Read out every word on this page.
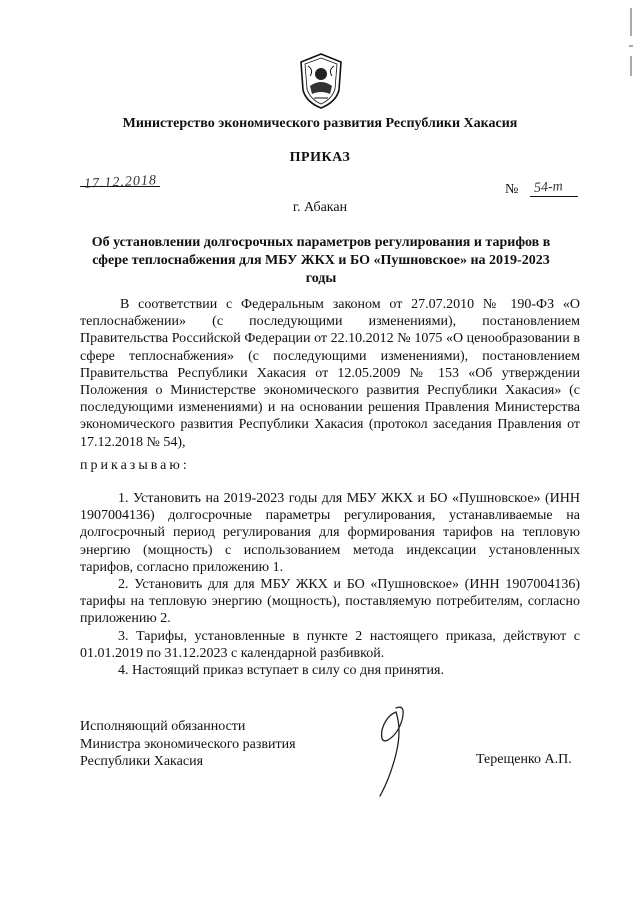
Министерство экономического развития Республики Хакасия
ПРИКАЗ
17.12.2018	№ 54-т
г. Абакан
Об установлении долгосрочных параметров регулирования и тарифов в сфере теплоснабжения для МБУ ЖКХ и БО «Пушновское» на 2019-2023 годы

В соответствии с Федеральным законом от 27.07.2010 № 190-ФЗ «О теплоснабжении» (с последующими изменениями), постановлением Правительства Российской Федерации от 22.10.2012 № 1075 «О ценообразовании в сфере теплоснабжения» (с последующими изменениями), постановлением Правительства Республики Хакасия от 12.05.2009 № 153 «Об утверждении Положения о Министерстве экономического развития Республики Хакасия» (с последующими изменениями) и на основании решения Правления Министерства экономического развития Республики Хакасия (протокол заседания Правления от 17.12.2018 № 54),

приказываю:

1. Установить на 2019-2023 годы для МБУ ЖКХ и БО «Пушновское» (ИНН 1907004136) долгосрочные параметры регулирования, устанавливаемые на долгосрочный период регулирования для формирования тарифов на тепловую энергию (мощность) с использованием метода индексации установленных тарифов, согласно приложению 1.

2. Установить для для МБУ ЖКХ и БО «Пушновское» (ИНН 1907004136) тарифы на тепловую энергию (мощность), поставляемую потребителям, согласно приложению 2.

3. Тарифы, установленные в пункте 2 настоящего приказа, действуют с 01.01.2019 по 31.12.2023 с календарной разбивкой.

4. Настоящий приказ вступает в силу со дня принятия.

Исполняющий обязанности
Министра экономического развития
Республики Хакасия	Терещенко А.П.
